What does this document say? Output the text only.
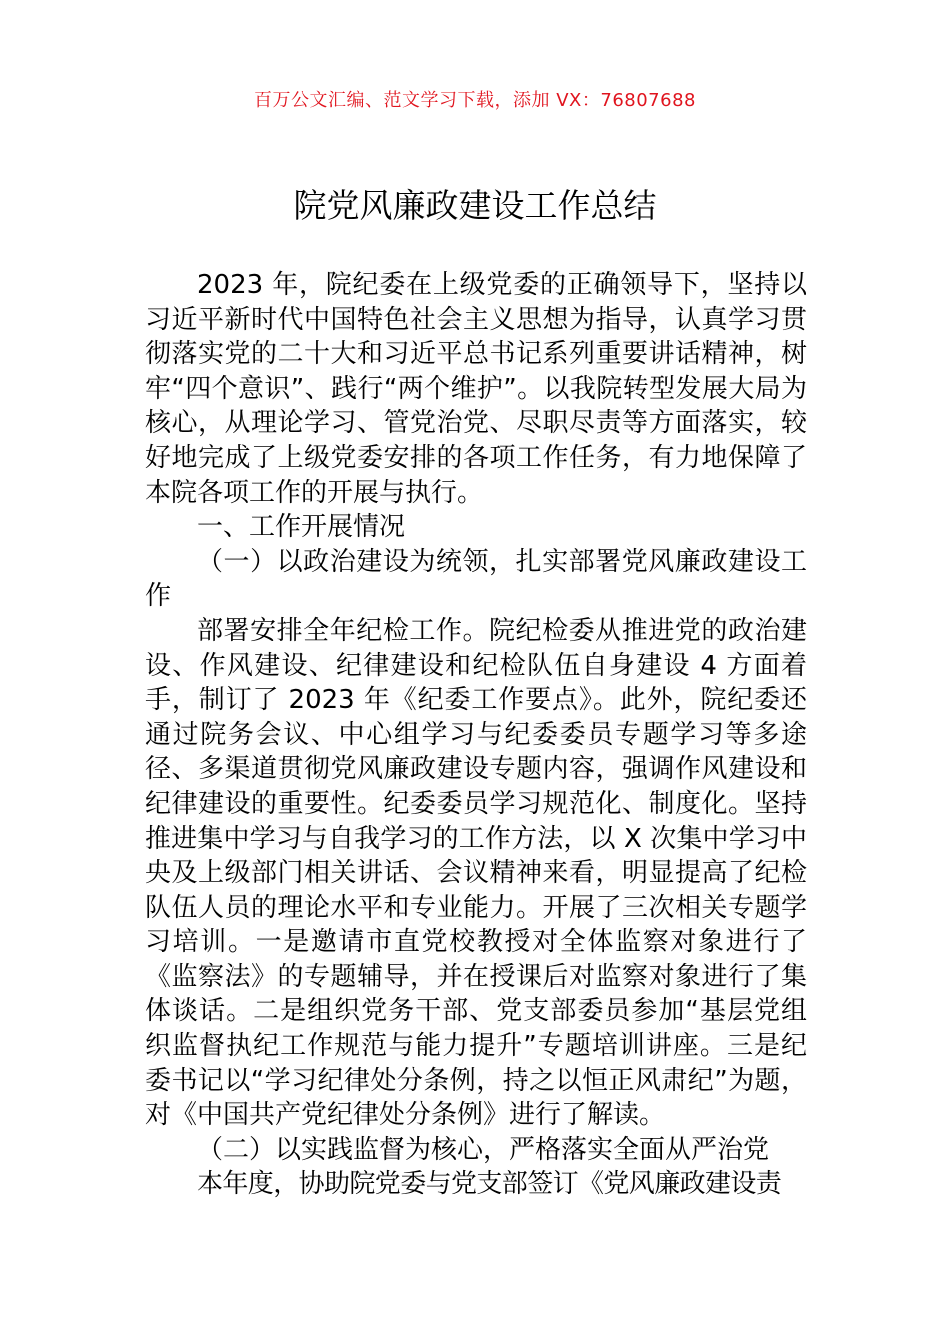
百万公文汇编、范文学习下载，添加 VX：76807688
院党风廉政建设工作总结

2023 年，院纪委在上级党委的正确领导下，坚持以习近平新时代中国特色社会主义思想为指导，认真学习贯彻落实党的二十大和习近平总书记系列重要讲话精神，树牢“四个意识”、践行“两个维护”。以我院转型发展大局为核心，从理论学习、管党治党、尽职尽责等方面落实，较好地完成了上级党委安排的各项工作任务，有力地保障了本院各项工作的开展与执行。

一、工作开展情况

（一）以政治建设为统领，扎实部署党风廉政建设工作

部署安排全年纪检工作。院纪检委从推进党的政治建设、作风建设、纪律建设和纪检队伍自身建设 4 方面着手，制订了 2023 年《纪委工作要点》。此外，院纪委还通过院务会议、中心组学习与纪委委员专题学习等多途径、多渠道贯彻党风廉政建设专题内容，强调作风建设和纪律建设的重要性。纪委委员学习规范化、制度化。坚持推进集中学习与自我学习的工作方法，以 X 次集中学习中央及上级部门相关讲话、会议精神来看，明显提高了纪检队伍人员的理论水平和专业能力。开展了三次相关专题学习培训。一是邀请市直党校教授对全体监察对象进行了《监察法》的专题辅导，并在授课后对监察对象进行了集体谈话。二是组织党务干部、党支部委员参加“基层党组织监督执纪工作规范与能力提升”专题培训讲座。三是纪委书记以“学习纪律处分条例，持之以恒正风肃纪”为题，对《中国共产党纪律处分条例》进行了解读。

（二）以实践监督为核心，严格落实全面从严治党

本年度，协助院党委与党支部签订《党风廉政建设责
